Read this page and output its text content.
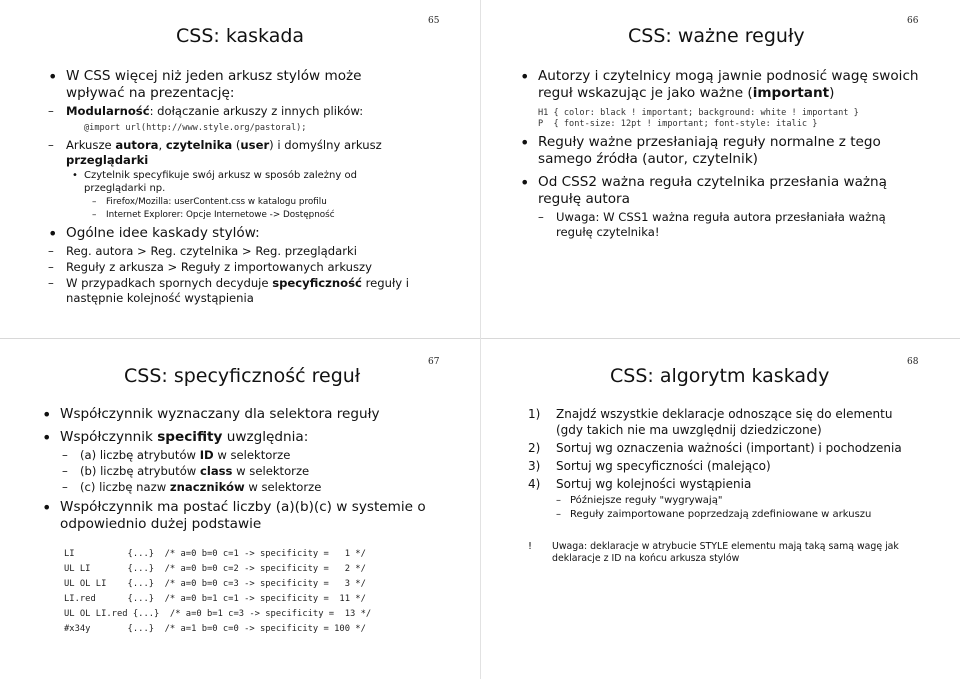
65
CSS: kaskada
• W CSS więcej niż jeden arkusz stylów może wpływać na prezentację:
– Modularność: dołączanie arkuszy z innych plików:
@import url(http://www.style.org/pastoral);
– Arkusze autora, czytelnika (user) i domyślny arkusz przeglądarki
• Czytelnik specyfikuje swój arkusz w sposób zależny od przeglądarki np.
– Firefox/Mozilla: userContent.css w katalogu profilu
– Internet Explorer: Opcje Internetowe -> Dostępność
• Ogólne idee kaskady stylów:
– Reg. autora > Reg. czytelnika > Reg. przeglądarki
– Reguły z arkusza > Reguły z importowanych arkuszy
– W przypadkach spornych decyduje specyficzność reguły i następnie kolejność wystąpienia
66
CSS: ważne reguły
• Autorzy i czytelnicy mogą jawnie podnosić wagę swoich reguł wskazując je jako ważne (important)
H1 { color: black ! important; background: white ! important }
P  { font-size: 12pt ! important; font-style: italic }
• Reguły ważne przesłaniają reguły normalne z tego samego źródła (autor, czytelnik)
• Od CSS2 ważna reguła czytelnika przesłania ważną regułę autora
– Uwaga: W CSS1 ważna reguła autora przesłaniała ważną regułę czytelnika!
67
CSS: specyficzność reguł
• Współczynnik wyznaczany dla selektora reguły
• Współczynnik specifity uwzględnia:
– (a) liczbę atrybutów ID w selektorze
– (b) liczbę atrybutów class w selektorze
– (c) liczbę nazw znaczników w selektorze
• Współczynnik ma postać liczby (a)(b)(c) w systemie o odpowiednio dużej podstawie
LI          {...}  /* a=0 b=0 c=1 -> specificity =   1 */
UL LI       {...}  /* a=0 b=0 c=2 -> specificity =   2 */
UL OL LI    {...}  /* a=0 b=0 c=3 -> specificity =   3 */
LI.red      {...}  /* a=0 b=1 c=1 -> specificity =  11 */
UL OL LI.red {...}  /* a=0 b=1 c=3 -> specificity =  13 */
#x34y       {...}  /* a=1 b=0 c=0 -> specificity = 100 */
68
CSS: algorytm kaskady
1) Znajdź wszystkie deklaracje odnoszące się do elementu (gdy takich nie ma uwzględnij dziedziczone)
2) Sortuj wg oznaczenia ważności (important) i pochodzenia
3) Sortuj wg specyficzności (malejąco)
4) Sortuj wg kolejności wystąpienia
– Późniejsze reguły "wygrywają"
– Reguły zaimportowane poprzedzają zdefiniowane w arkuszu
! Uwaga: deklaracje w atrybucie STYLE elementu mają taką samą wagę jak deklaracje z ID na końcu arkusza stylów
